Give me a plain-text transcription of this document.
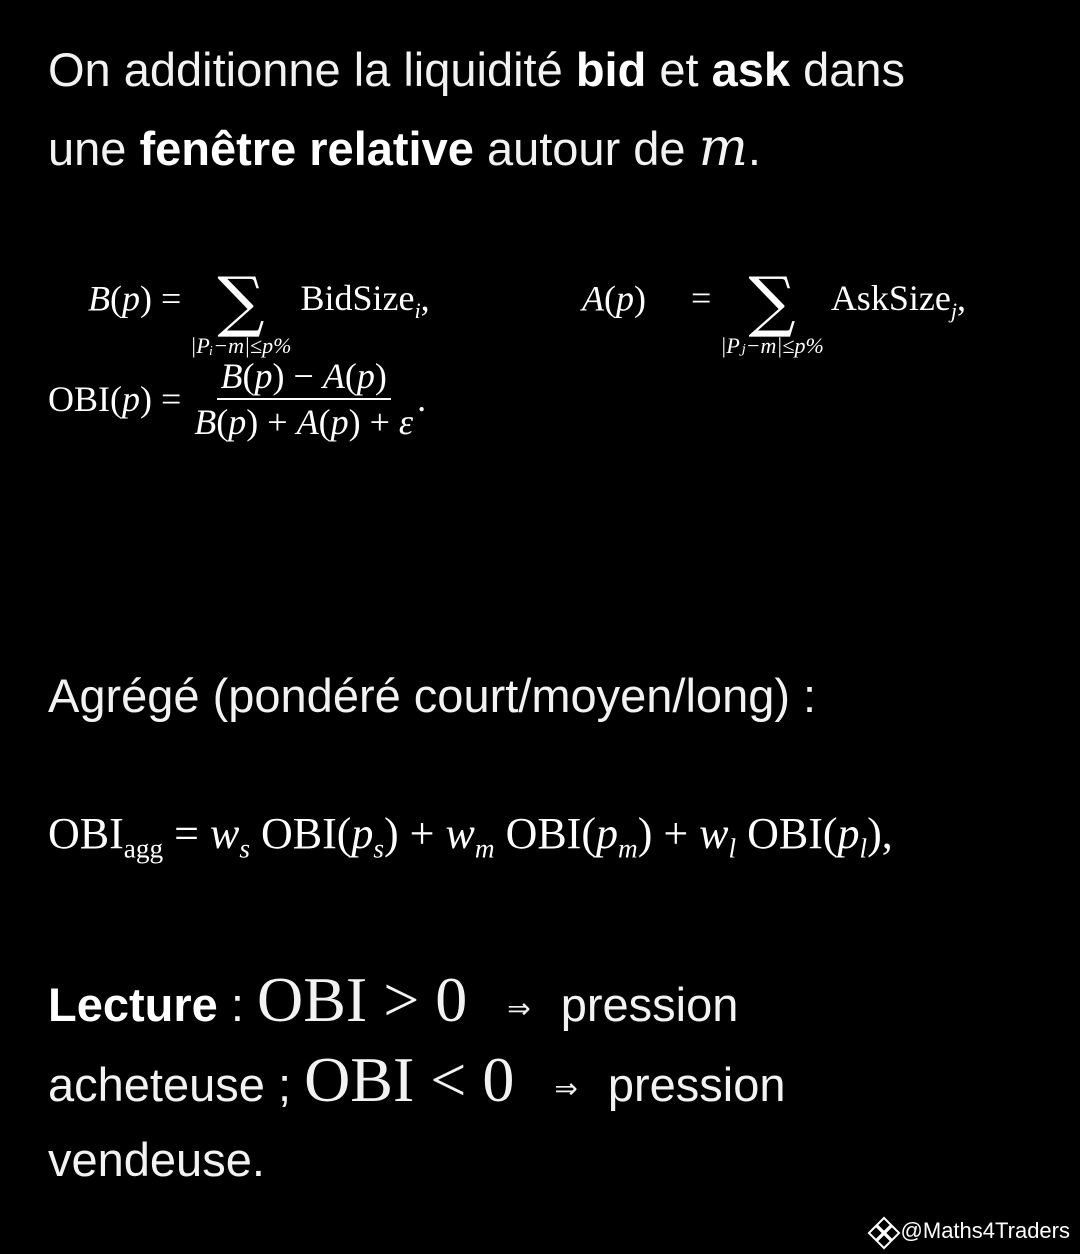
On additionne la liquidité bid et ask dans
une fenêtre relative autour de m.

B(p) = ∑
|Pᵢ−m|≤p%
BidSize$_i$,	A(p) = ∑
|Pⱼ−m|≤p%
AskSize$_j$,
$OBI(p) = \frac{B(p) - A(p)}{B(p) + A(p) + \varepsilon}$ .

Agrégé (pondéré court/moyen/long) :

$OBI_{agg} = w_s$ $OBI(p_s) + w_m$ $OBI(p_m) + w_l$ $OBI(p_l)$,
Lecture : OBI > 0 ⇒ pression
acheteuse ; OBI < 0 ⇒ pression
vendeuse.
@Maths4Traders
